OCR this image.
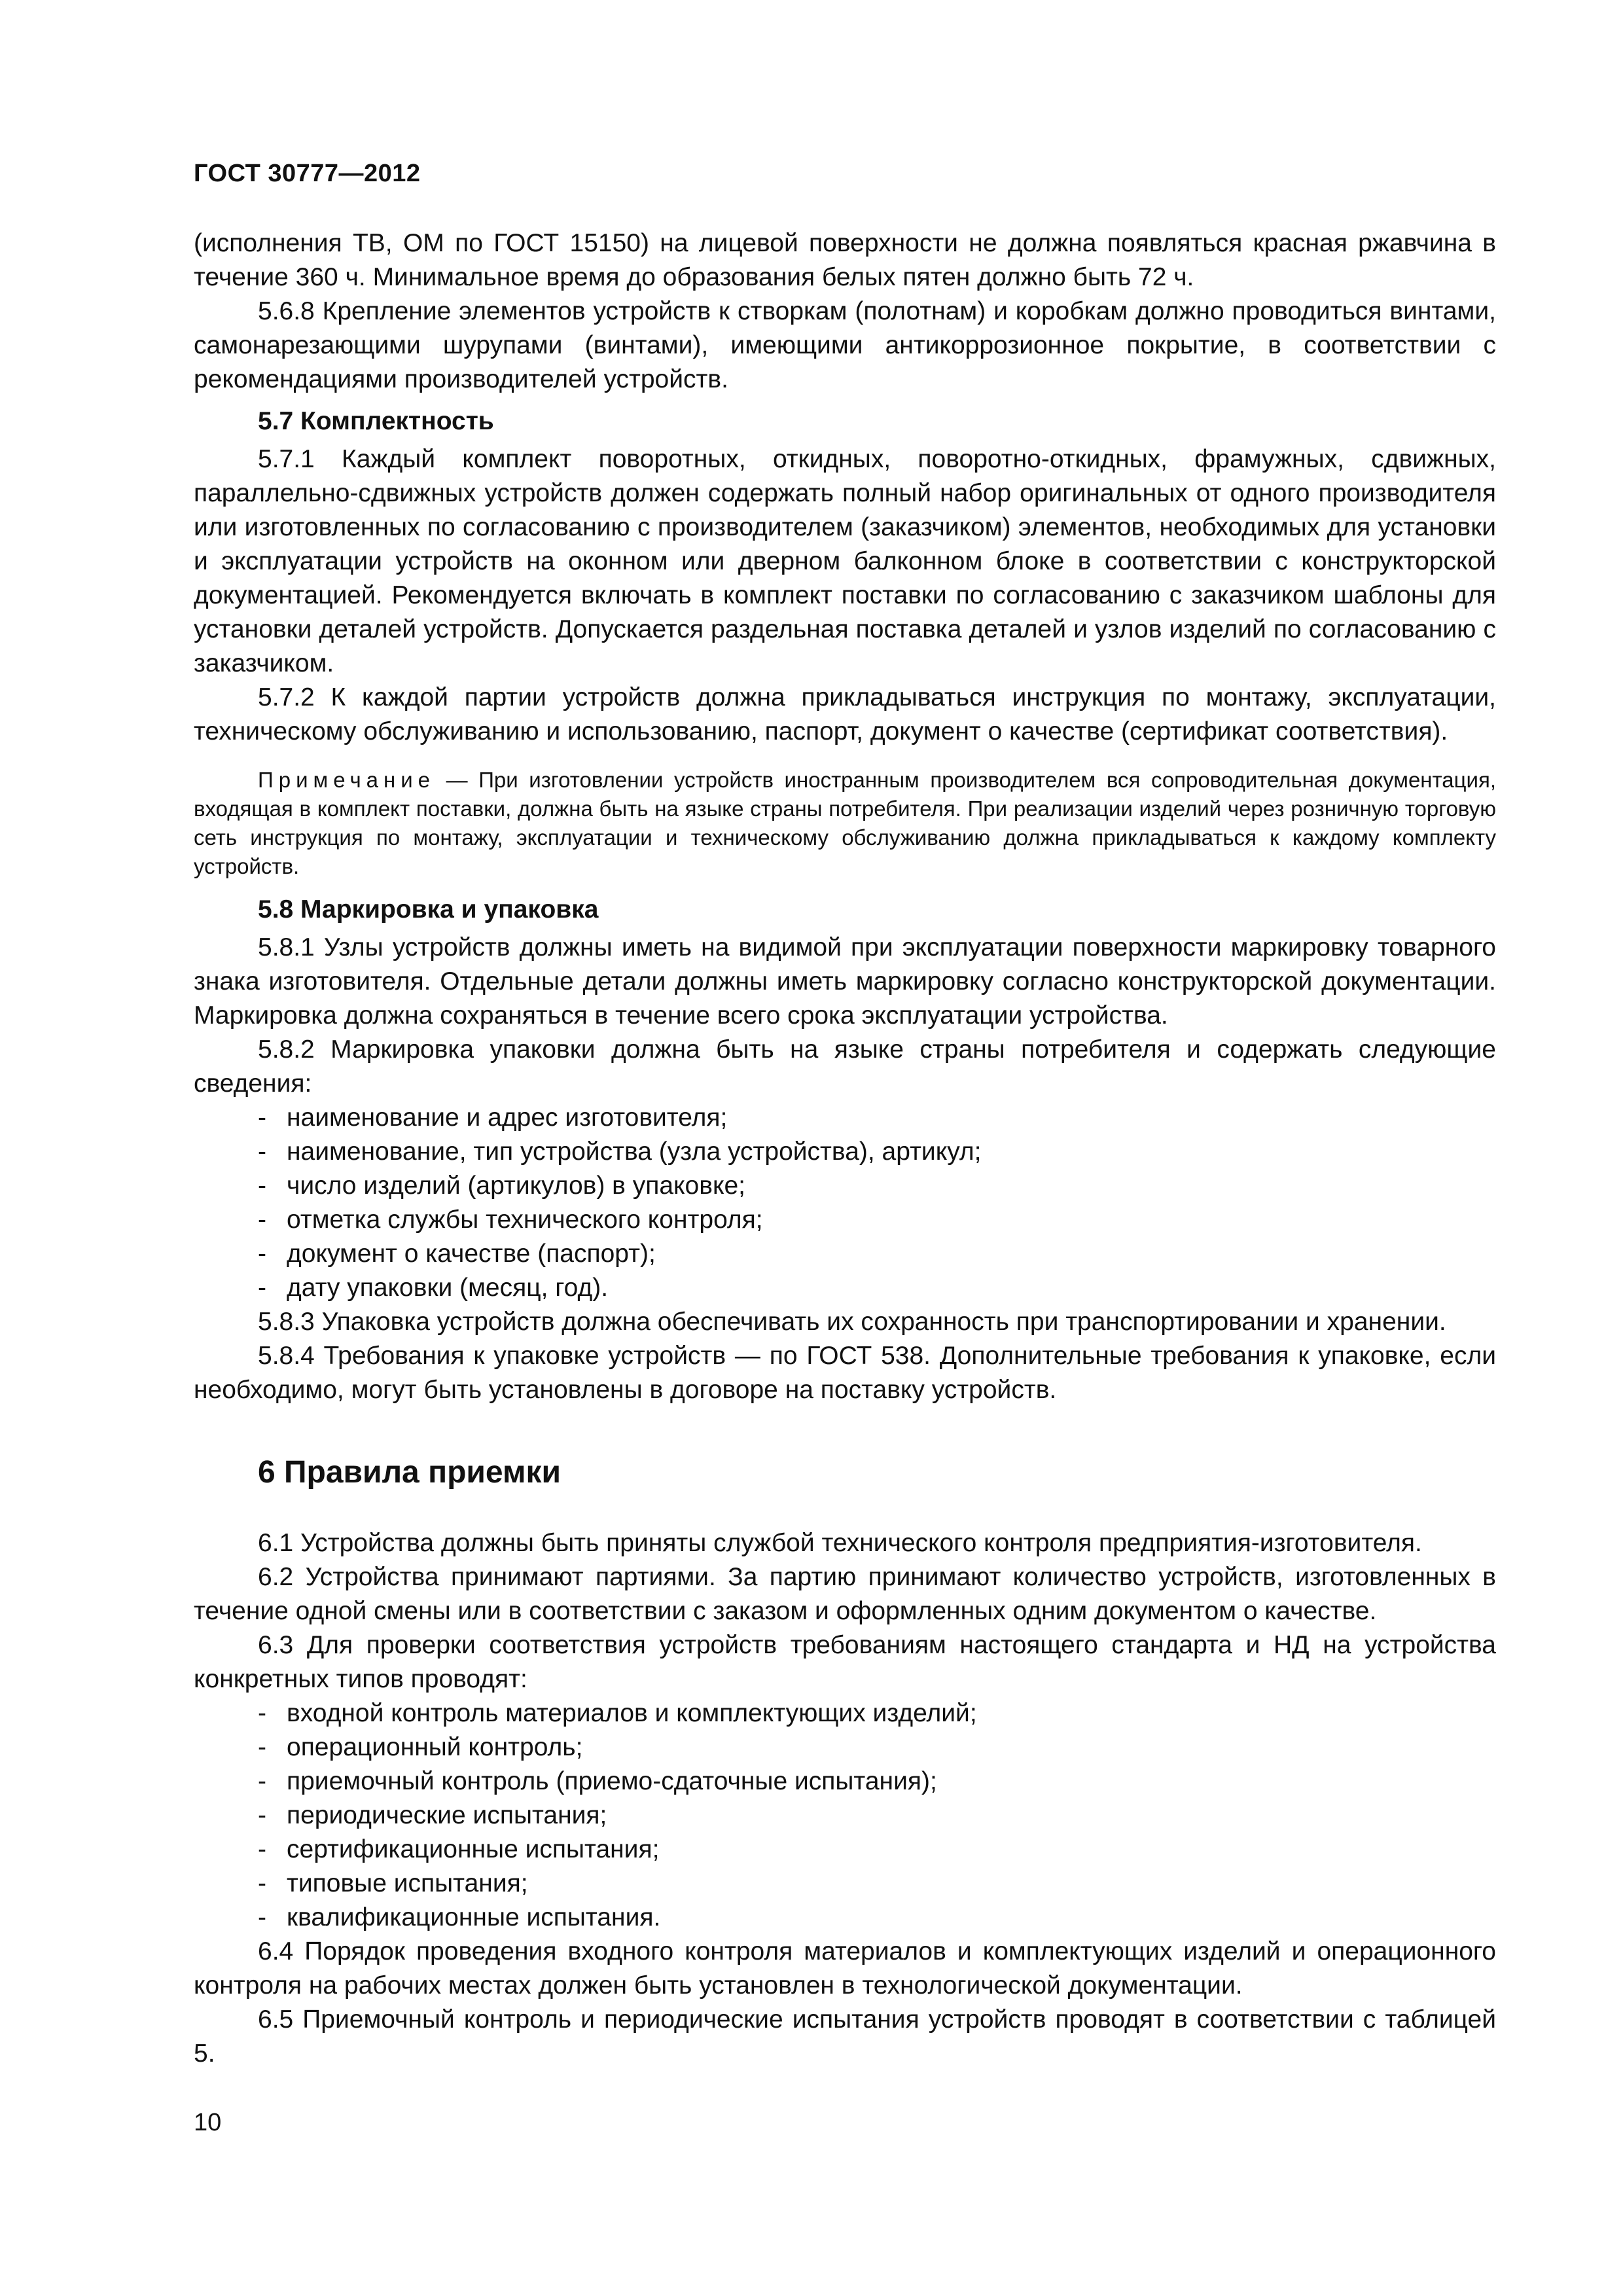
ГОСТ 30777—2012

(исполнения ТВ, ОМ по ГОСТ 15150) на лицевой поверхности не должна появляться красная ржавчина в течение 360 ч. Минимальное время до образования белых пятен должно быть 72 ч.

5.6.8 Крепление элементов устройств к створкам (полотнам) и коробкам должно проводиться винтами, самонарезающими шурупами (винтами), имеющими антикоррозионное покрытие, в соответствии с рекомендациями производителей устройств.

5.7 Комплектность

5.7.1 Каждый комплект поворотных, откидных, поворотно-откидных, фрамужных, сдвижных, параллельно-сдвижных устройств должен содержать полный набор оригинальных от одного производителя или изготовленных по согласованию с производителем (заказчиком) элементов, необходимых для установки и эксплуатации устройств на оконном или дверном балконном блоке в соответствии с конструкторской документацией. Рекомендуется включать в комплект поставки по согласованию с заказчиком шаблоны для установки деталей устройств. Допускается раздельная поставка деталей и узлов изделий по согласованию с заказчиком.

5.7.2 К каждой партии устройств должна прикладываться инструкция по монтажу, эксплуатации, техническому обслуживанию и использованию, паспорт, документ о качестве (сертификат соответствия).

Примечание — При изготовлении устройств иностранным производителем вся сопроводительная документация, входящая в комплект поставки, должна быть на языке страны потребителя. При реализации изделий через розничную торговую сеть инструкция по монтажу, эксплуатации и техническому обслуживанию должна прикладываться к каждому комплекту устройств.

5.8 Маркировка и упаковка

5.8.1 Узлы устройств должны иметь на видимой при эксплуатации поверхности маркировку товарного знака изготовителя. Отдельные детали должны иметь маркировку согласно конструкторской документации. Маркировка должна сохраняться в течение всего срока эксплуатации устройства.

5.8.2 Маркировка упаковки должна быть на языке страны потребителя и содержать следующие сведения:

- наименование и адрес изготовителя;
- наименование, тип устройства (узла устройства), артикул;
- число изделий (артикулов) в упаковке;
- отметка службы технического контроля;
- документ о качестве (паспорт);
- дату упаковки (месяц, год).

5.8.3 Упаковка устройств должна обеспечивать их сохранность при транспортировании и хранении.

5.8.4 Требования к упаковке устройств — по ГОСТ 538. Дополнительные требования к упаковке, если необходимо, могут быть установлены в договоре на поставку устройств.

6 Правила приемки

6.1 Устройства должны быть приняты службой технического контроля предприятия-изготовителя.

6.2 Устройства принимают партиями. За партию принимают количество устройств, изготовленных в течение одной смены или в соответствии с заказом и оформленных одним документом о качестве.

6.3 Для проверки соответствия устройств требованиям настоящего стандарта и НД на устройства конкретных типов проводят:

- входной контроль материалов и комплектующих изделий;
- операционный контроль;
- приемочный контроль (приемо-сдаточные испытания);
- периодические испытания;
- сертификационные испытания;
- типовые испытания;
- квалификационные испытания.

6.4 Порядок проведения входного контроля материалов и комплектующих изделий и операционного контроля на рабочих местах должен быть установлен в технологической документации.

6.5 Приемочный контроль и периодические испытания устройств проводят в соответствии с таблицей 5.

10
